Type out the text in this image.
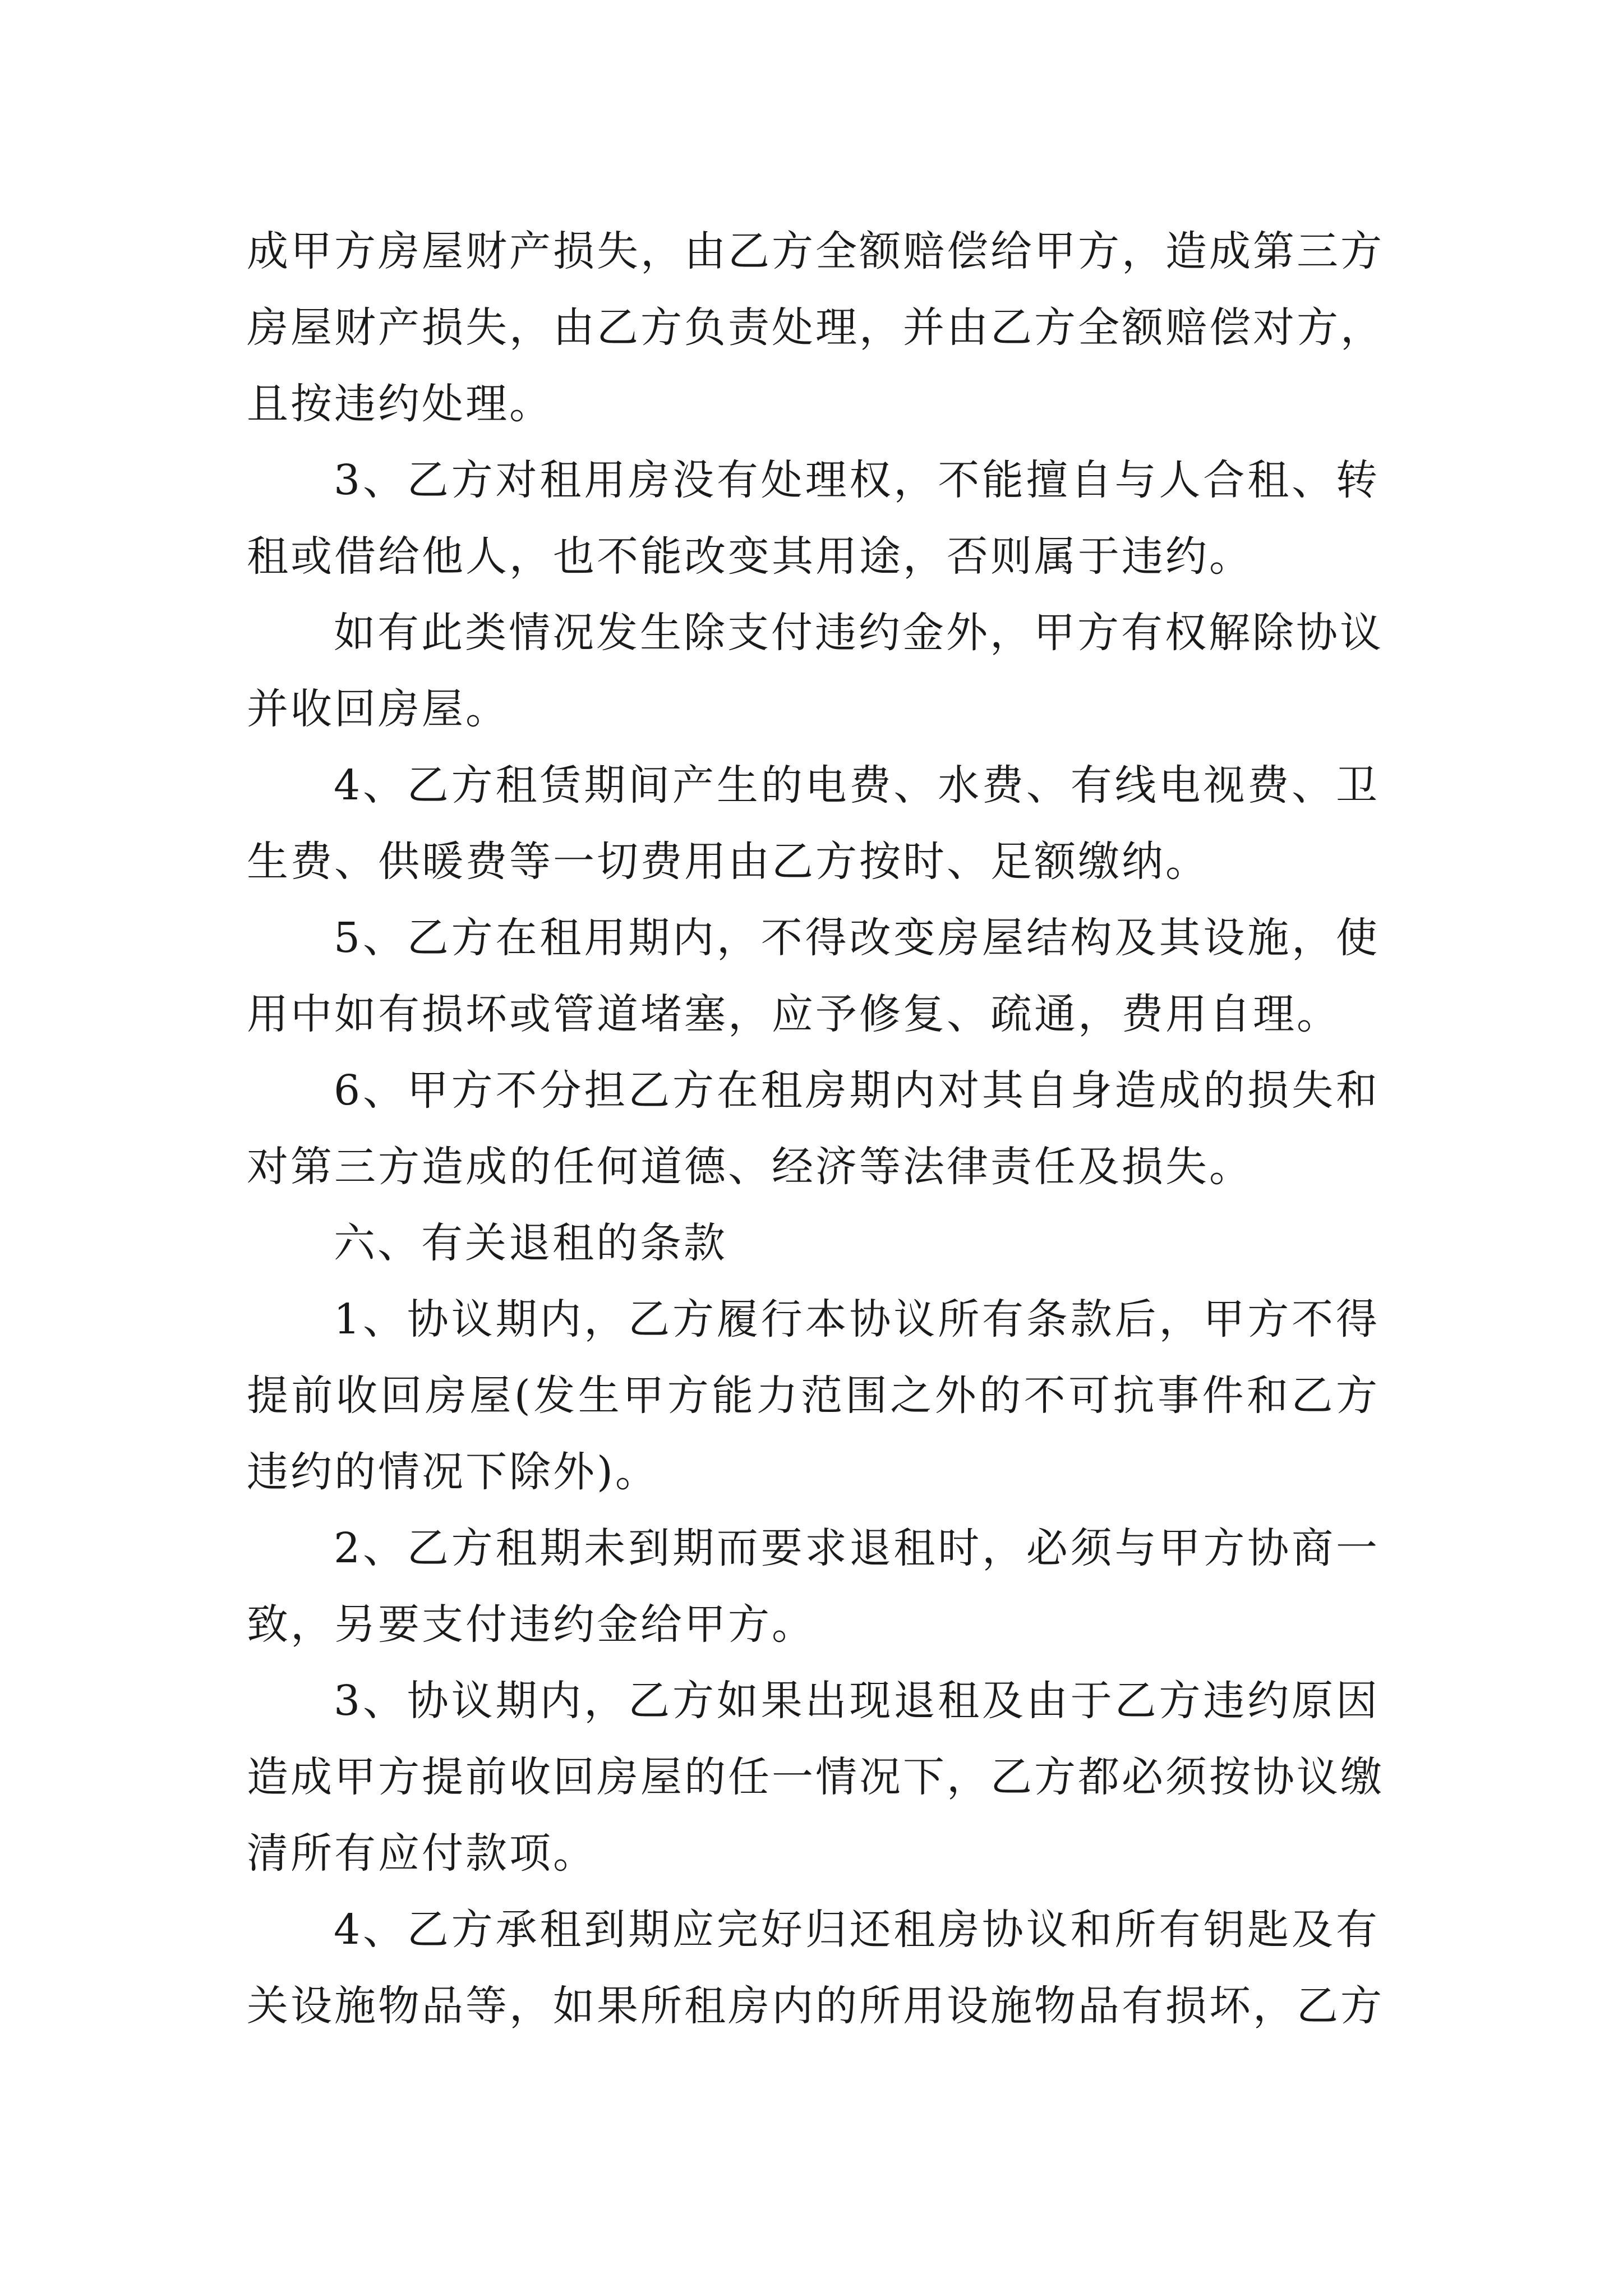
成甲方房屋财产损失，由乙方全额赔偿给甲方，造成第三方
房屋财产损失，由乙方负责处理，并由乙方全额赔偿对方，
且按违约处理。
3、乙方对租用房没有处理权，不能擅自与人合租、转
租或借给他人，也不能改变其用途，否则属于违约。
如有此类情况发生除支付违约金外，甲方有权解除协议
并收回房屋。
4、乙方租赁期间产生的电费、水费、有线电视费、卫
生费、供暖费等一切费用由乙方按时、足额缴纳。
5、乙方在租用期内，不得改变房屋结构及其设施，使
用中如有损坏或管道堵塞，应予修复、疏通，费用自理。
6、甲方不分担乙方在租房期内对其自身造成的损失和
对第三方造成的任何道德、经济等法律责任及损失。
六、有关退租的条款
1、协议期内，乙方履行本协议所有条款后，甲方不得
提前收回房屋(发生甲方能力范围之外的不可抗事件和乙方
违约的情况下除外)。
2、乙方租期未到期而要求退租时，必须与甲方协商一
致，另要支付违约金给甲方。
3、协议期内，乙方如果出现退租及由于乙方违约原因
造成甲方提前收回房屋的任一情况下，乙方都必须按协议缴
清所有应付款项。
4、乙方承租到期应完好归还租房协议和所有钥匙及有
关设施物品等，如果所租房内的所用设施物品有损坏，乙方
